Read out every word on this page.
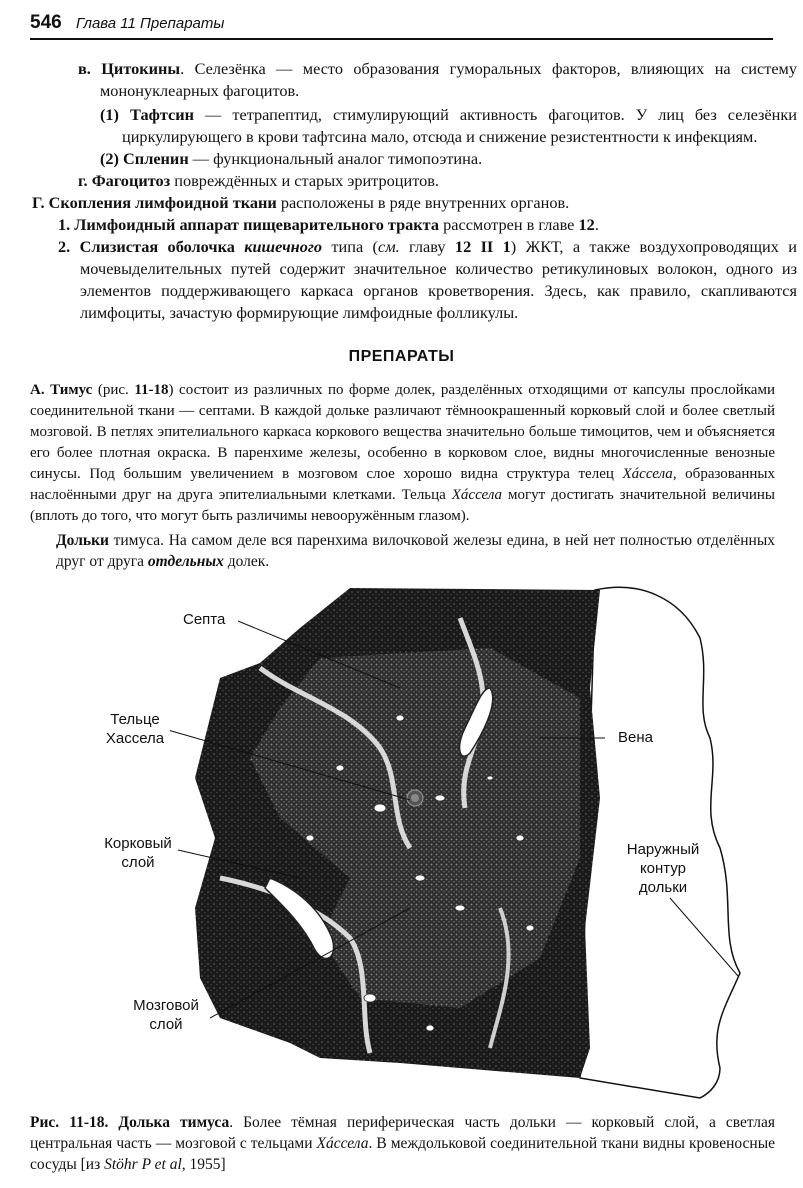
546 Глава 11 Препараты

в. Цитокины. Селезёнка — место образования гуморальных факторов, влияющих на систему мононуклеарных фагоцитов.

(1) Тафтсин — тетрапептид, стимулирующий активность фагоцитов. У лиц без селезёнки циркулирующего в крови тафтсина мало, отсюда и снижение резистентности к инфекциям.

(2) Спленин — функциональный аналог тимопоэтина.

г. Фагоцитоз повреждённых и старых эритроцитов.

Г. Скопления лимфоидной ткани расположены в ряде внутренних органов.

1. Лимфоидный аппарат пищеварительного тракта рассмотрен в главе 12.

2. Слизистая оболочка кишечного типа (см. главу 12 II 1) ЖКТ, а также воздухопроводящих и мочевыделительных путей содержит значительное количество ретикулиновых волокон, одного из элементов поддерживающего каркаса органов кроветворения. Здесь, как правило, скапливаются лимфоциты, зачастую формирующие лимфоидные фолликулы.

ПРЕПАРАТЫ

А. Тимус (рис. 11-18) состоит из различных по форме долек, разделённых отходящими от капсулы прослойками соединительной ткани — септами. В каждой дольке различают тёмноокрашенный корковый слой и более светлый мозговой. В петлях эпителиального каркаса коркового вещества значительно больше тимоцитов, чем и объясняется его более плотная окраска. В паренхиме железы, особенно в корковом слое, видны многочисленные венозные синусы. Под большим увеличением в мозговом слое хорошо видна структура телец Хáссела, образованных наслоёнными друг на друга эпителиальными клетками. Тельца Хáссела могут достигать значительной величины (вплоть до того, что могут быть различимы невооружённым глазом).

Дольки тимуса. На самом деле вся паренхима вилочковой железы едина, в ней нет полностью отделённых друг от друга отдельных долек.

Септа
Тельце
Хассела
Корковый
слой
Мозговой
слой
Вена
Наружный
контур
дольки

Рис. 11-18. Долька тимуса. Более тёмная периферическая часть дольки — корковый слой, а светлая центральная часть — мозговой с тельцами Хáссела. В междольковой соединительной ткани видны кровеносные сосуды [из Stöhr P et al, 1955]
